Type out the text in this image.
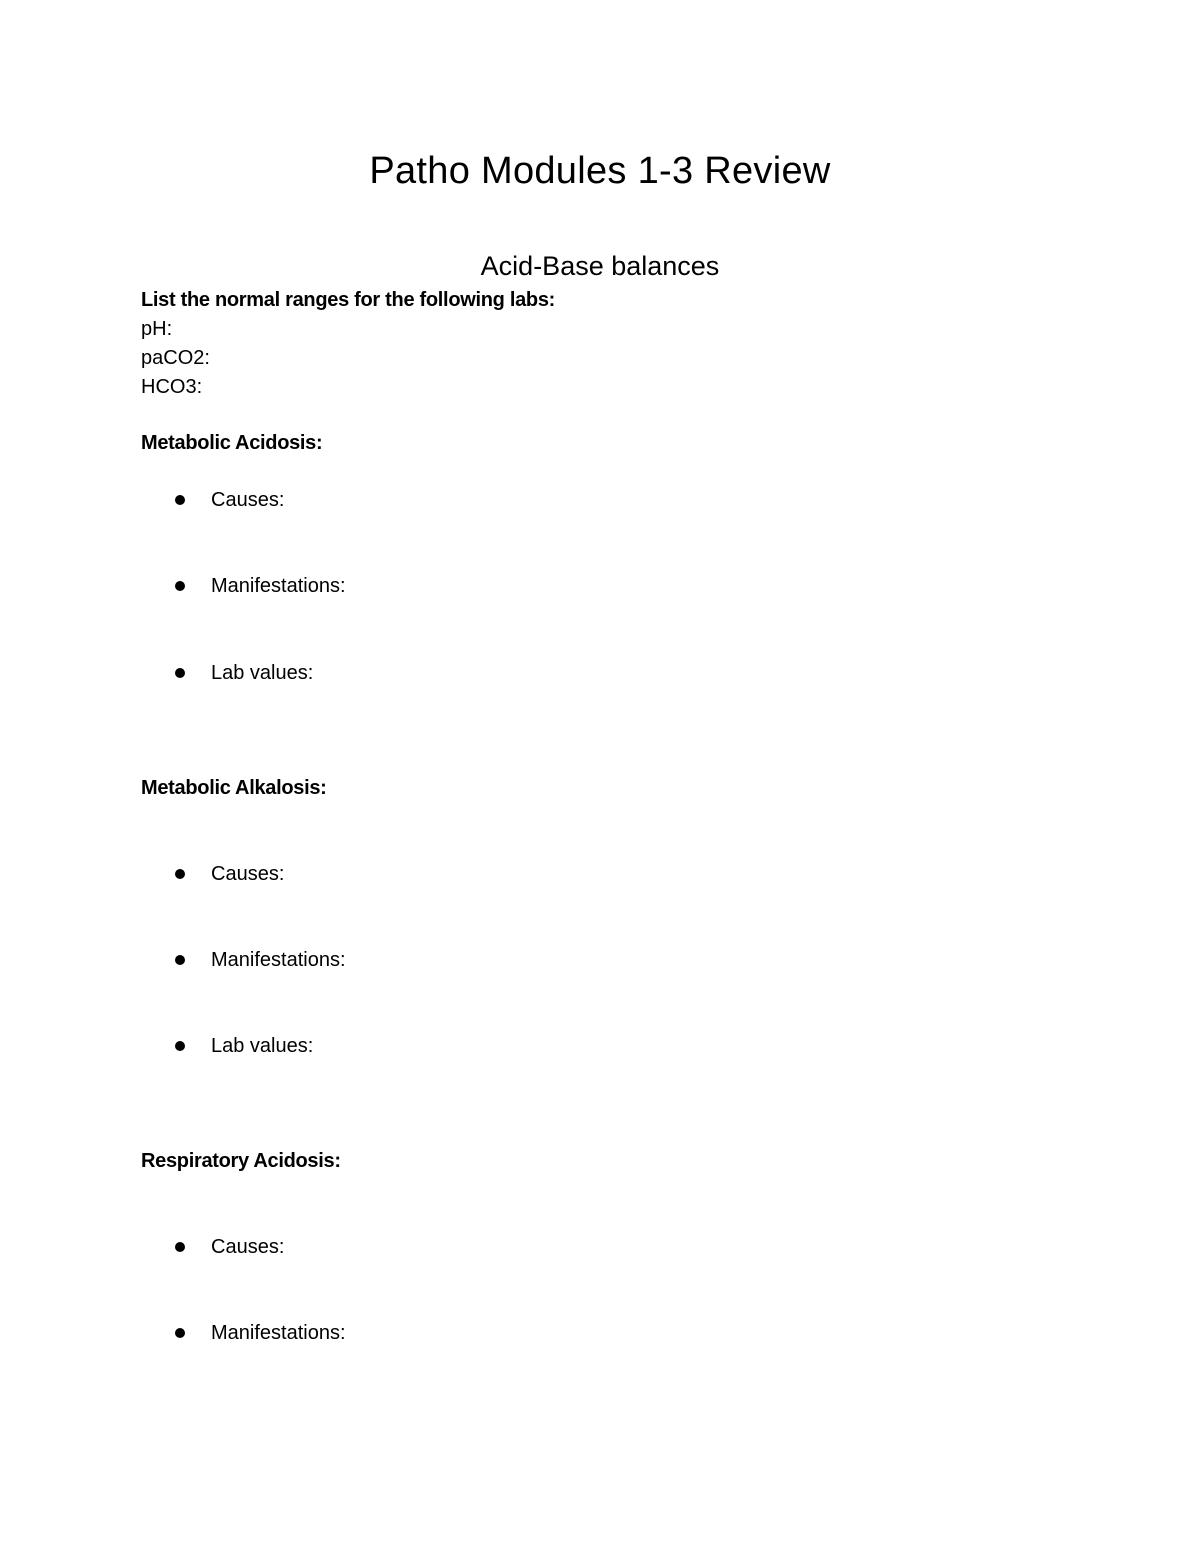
Patho Modules 1-3 Review
Acid-Base balances
List the normal ranges for the following labs:
pH:
paCO2:
HCO3:
Metabolic Acidosis:
Causes:
Manifestations:
Lab values:
Metabolic Alkalosis:
Causes:
Manifestations:
Lab values:
Respiratory Acidosis:
Causes:
Manifestations:
